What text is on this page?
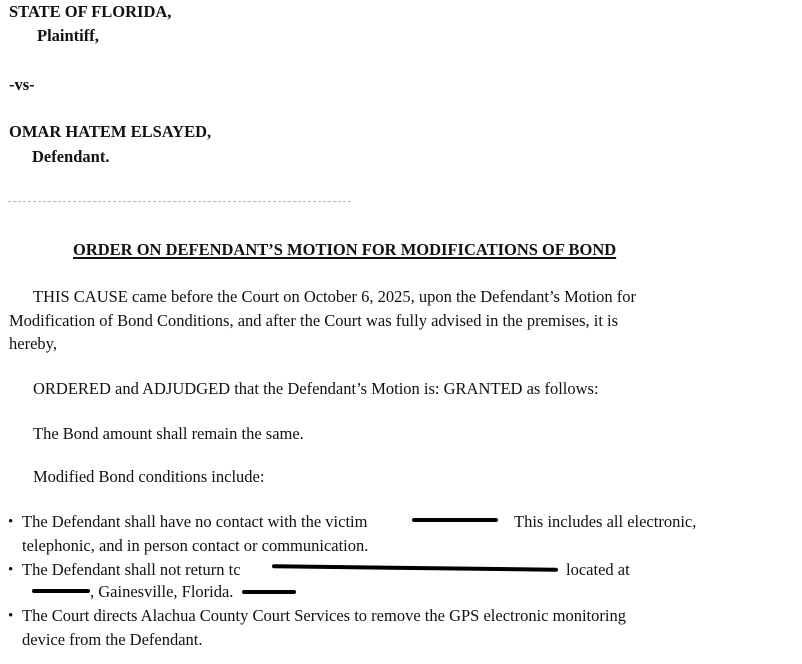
STATE OF FLORIDA,
Plaintiff,
-vs-
OMAR HATEM ELSAYED,
Defendant.
ORDER ON DEFENDANT’S MOTION FOR MODIFICATIONS OF BOND
THIS CAUSE came before the Court on October 6, 2025, upon the Defendant’s Motion for
Modification of Bond Conditions, and after the Court was fully advised in the premises, it is
hereby,
ORDERED and ADJUDGED that the Defendant’s Motion is: GRANTED as follows:
The Bond amount shall remain the same.
Modified Bond conditions include:
• The Defendant shall have no contact with the victim	This includes all electronic,
telephonic, and in person contact or communication.
• The Defendant shall not return tc	located at
, Gainesville, Florida.
• The Court directs Alachua County Court Services to remove the GPS electronic monitoring
device from the Defendant.
